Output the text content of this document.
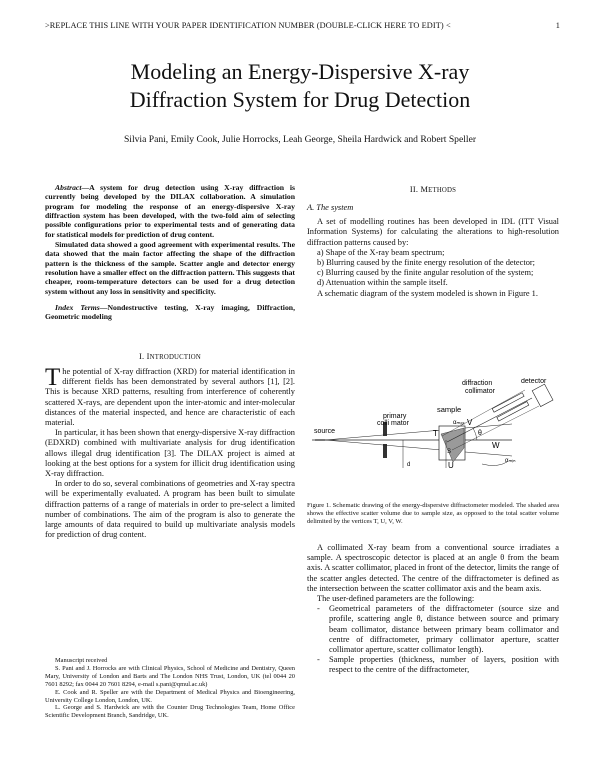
>REPLACE THIS LINE WITH YOUR PAPER IDENTIFICATION NUMBER (DOUBLE-CLICK HERE TO EDIT) <	1
Modeling an Energy-Dispersive X-ray
Diffraction System for Drug Detection
Silvia Pani, Emily Cook, Julie Horrocks, Leah George, Sheila Hardwick and Robert Speller

Abstract—A system for drug detection using X-ray diffraction is currently being developed by the DILAX collaboration. A simulation program for modeling the response of an energy-dispersive X-ray diffraction system has been developed, with the two-fold aim of selecting possible configurations prior to experimental tests and of generating data for statistical models for prediction of drug content.

Simulated data showed a good agreement with experimental results. The data showed that the main factor affecting the shape of the diffraction pattern is the thickness of the sample. Scatter angle and detector energy resolution have a smaller effect on the diffraction pattern. This suggests that cheaper, room-temperature detectors can be used for a drug detection system without any loss in sensitivity and specificity.

Index Terms—Nondestructive testing, X-ray imaging, Diffraction, Geometric modeling

I. INTRODUCTION

The potential of X-ray diffraction (XRD) for material identification in different fields has been demonstrated by several authors [1], [2]. This is because XRD patterns, resulting from interference of coherently scattered X-rays, are dependent upon the inter-atomic and inter-molecular distances of the material inspected, and hence are characteristic of each material.

In particular, it has been shown that energy-dispersive X-ray diffraction (EDXRD) combined with multivariate analysis for drug identification allows illegal drug identification [3]. The DILAX project is aimed at looking at the best options for a system for illicit drug identification using X-ray diffraction.

In order to do so, several combinations of geometries and X-ray spectra will be experimentally evaluated. A program has been built to simulate diffraction patterns of a range of materials in order to pre-select a limited number of combinations. The aim of the program is also to generate the large amounts of data required to build up multivariate analysis models for prediction of drug content.

Manuscript received

S. Pani and J. Horrocks are with Clinical Physics, School of Medicine and Dentistry, Queen Mary, University of London and Barts and The London NHS Trust, London, UK (tel 0044 20 7601 8292; fax 0044 20 7601 8294, e-mail s.pani@qmul.ac.uk)

E. Cook and R. Speller are with the Department of Medical Physics and Bioengineering, University College London, London, UK.

L. George and S. Hardwick are with the Counter Drug Technologies Team, Home Office Scientific Development Branch, Sandridge, UK.

II. METHODS

A. The system

A set of modelling routines has been developed in IDL (ITT Visual Information Systems) for calculating the alterations to high-resolution diffraction patterns caused by:

a) Shape of the X-ray beam spectrum;

b) Blurring caused by the finite energy resolution of the detector;

c) Blurring caused by the finite angular resolution of the system;

d) Attenuation within the sample itself.

A schematic diagram of the system modeled is shown in Figure 1.

diffraction
collimator
detector
sample
primary
colli mator
source	T
U
V
W
θ
αₘₐₓ
αₘᵢₙ
S
d
Figure 1. Schematic drawing of the energy-dispersive diffractometer modeled. The shaded area shows the effective scatter volume due to sample size, as opposed to the total scatter volume delimited by the vertices T, U, V, W.

A collimated X-ray beam from a conventional source irradiates a sample. A spectroscopic detector is placed at an angle θ from the beam axis. A scatter collimator, placed in front of the detector, limits the range of the scatter angles detected. The centre of the diffractometer is defined as the intersection between the scatter collimator axis and the beam axis.

The user-defined parameters are the following:

- Geometrical parameters of the diffractometer (source size and profile, scattering angle θ, distance between source and primary beam collimator, distance between primary beam collimator and centre of diffractometer, primary collimator aperture, scatter collimator aperture, scatter collimator length).
- Sample properties (thickness, number of layers, position with respect to the centre of the diffractometer,
